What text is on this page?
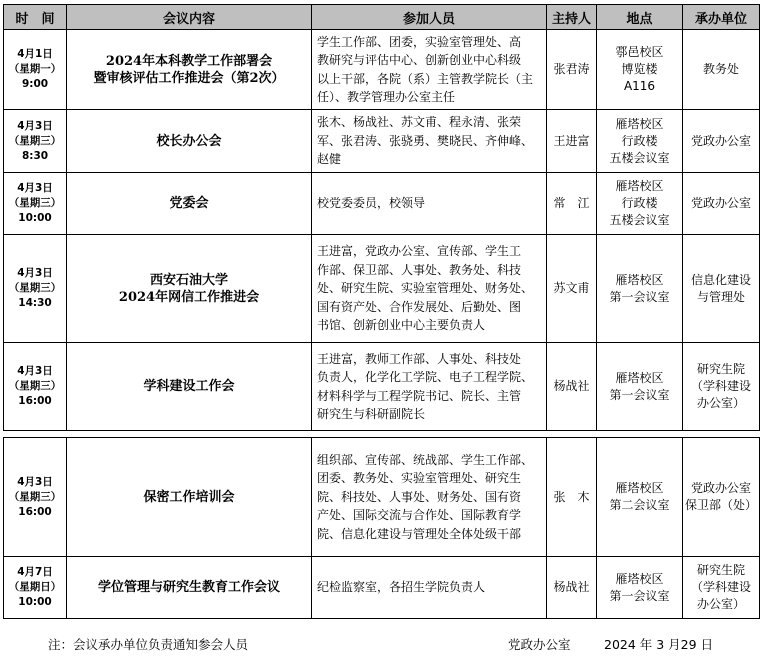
时　间	会议内容	参加人员	主持人	地点	承办单位
4月1日
（星期一）
9:00	2024年本科教学工作部署会
暨审核评估工作推进会（第2次）	学生工作部、团委，实验室管理处、高
教研究与评估中心、创新创业中心科级
以上干部，各院（系）主管教学院长（主
任）、教学管理办公室主任	张君涛	鄠邑校区
博览楼
A116	教务处
4月3日
（星期三）
8:30	校长办公会	张木、杨战社、苏文甫、程永清、张荣
军、张君涛、张骁勇、樊晓民、齐伸峰、
赵健	王进富	雁塔校区
行政楼
五楼会议室	党政办公室
4月3日
（星期三）
10:00	党委会	校党委委员，校领导	常　江	雁塔校区
行政楼
五楼会议室	党政办公室
4月3日
（星期三）
14:30	西安石油大学
2024年网信工作推进会	王进富，党政办公室、宣传部、学生工
作部、保卫部、人事处、教务处、科技
处、研究生院、实验室管理处、财务处、
国有资产处、合作发展处、后勤处、图
书馆、创新创业中心主要负责人	苏文甫	雁塔校区
第一会议室	信息化建设
与管理处
4月3日
（星期三）
16:00	学科建设工作会	王进富，教师工作部、人事处、科技处
负责人，化学化工学院、电子工程学院、
材料科学与工程学院书记、院长、主管
研究生与科研副院长	杨战社	雁塔校区
第一会议室	研究生院
（学科建设
办公室）
4月3日
（星期三）
16:00	保密工作培训会	组织部、宣传部、统战部、学生工作部、
团委、教务处、实验室管理处、研究生
院、科技处、人事处、财务处、国有资
产处、国际交流与合作处、国际教育学
院、信息化建设与管理处全体处级干部	张　木	雁塔校区
第二会议室	党政办公室
保卫部（处）
4月7日
（星期日）
10:00	学位管理与研究生教育工作会议	纪检监察室，各招生学院负责人	杨战社	雁塔校区
第一会议室	研究生院
（学科建设
办公室）
注：会议承办单位负责通知参会人员	党政办公室	2024 年 3 月29 日
